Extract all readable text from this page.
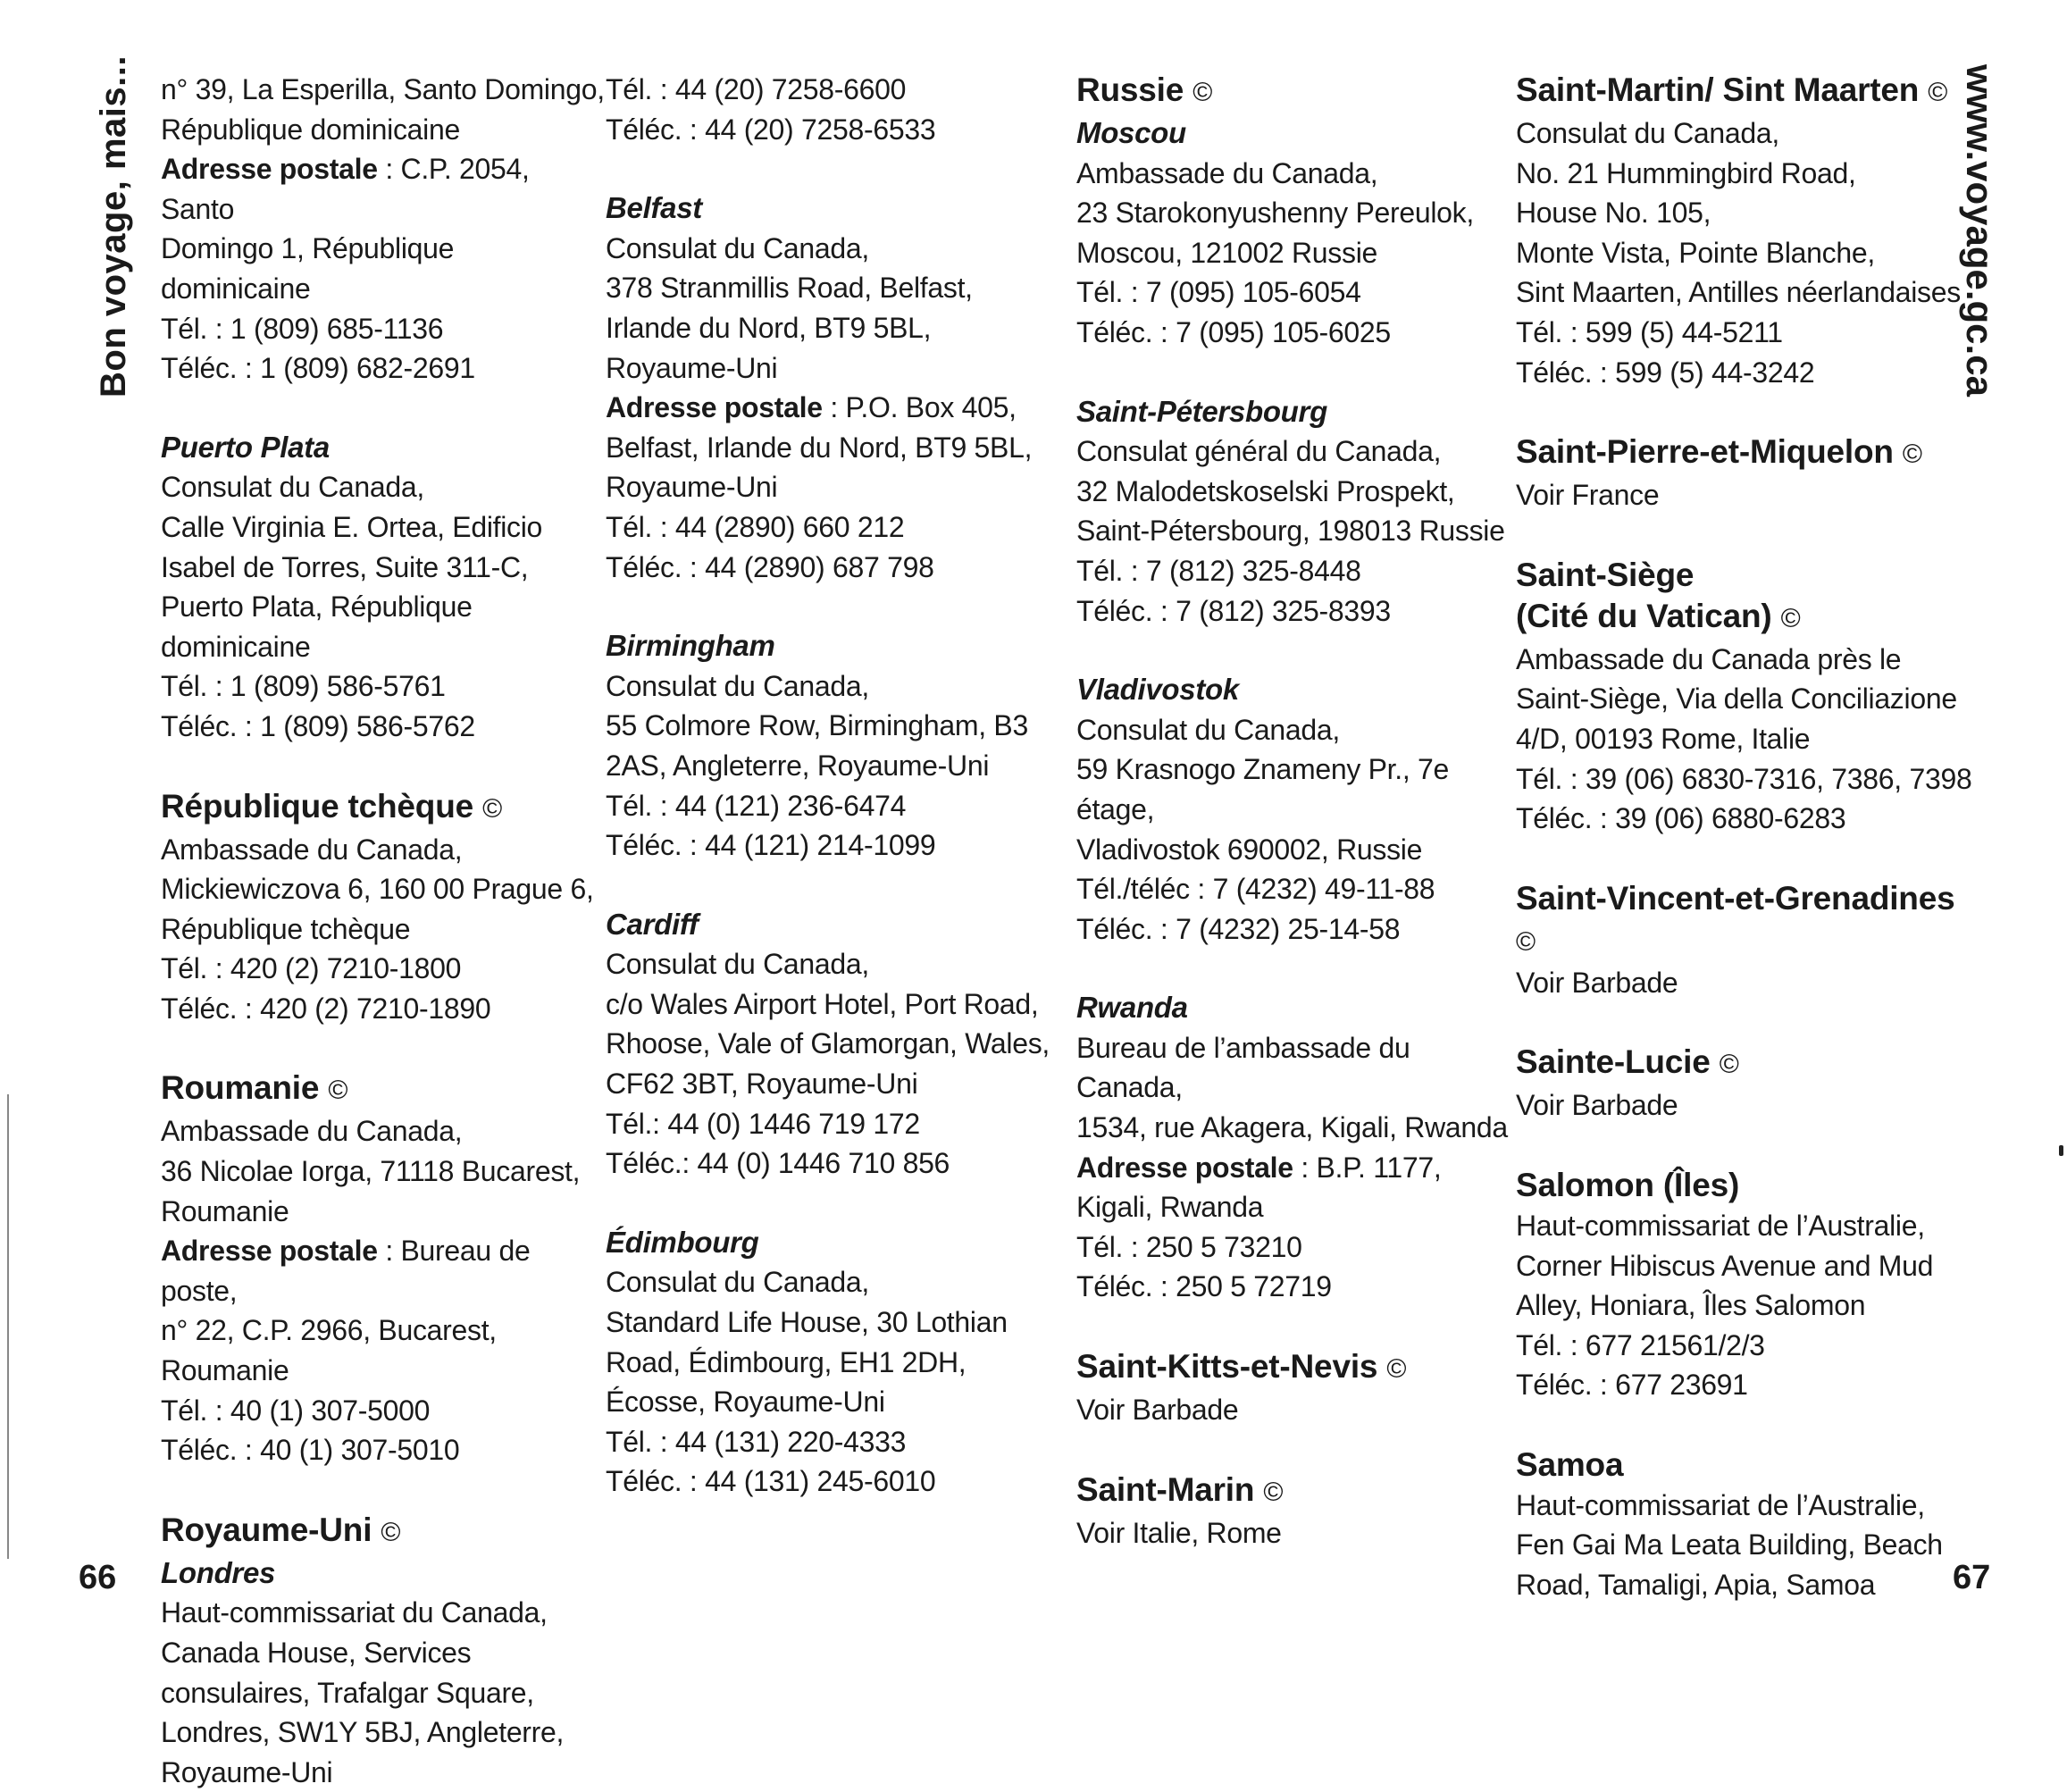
Bon voyage, mais...	www.voyage.gc.ca

n° 39, La Esperilla, Santo Domingo,

République dominicaine

Adresse postale : C.P. 2054, Santo

Domingo 1, République dominicaine

Tél. : 1 (809) 685-1136

Téléc. : 1 (809) 682-2691

Puerto Plata

Consulat du Canada,

Calle Virginia E. Ortea, Edificio

Isabel de Torres, Suite 311-C,

Puerto Plata, République dominicaine

Tél. : 1 (809) 586-5761

Téléc. : 1 (809) 586-5762

République tchèque ©

Ambassade du Canada,

Mickiewiczova 6, 160 00 Prague 6,

République tchèque

Tél. : 420 (2) 7210-1800

Téléc. : 420 (2) 7210-1890

Roumanie ©

Ambassade du Canada,

36 Nicolae Iorga, 71118 Bucarest,

Roumanie

Adresse postale : Bureau de poste,

n° 22, C.P. 2966, Bucarest, Roumanie

Tél. : 40 (1) 307-5000

Téléc. : 40 (1) 307-5010

Royaume-Uni ©

Londres

Haut-commissariat du Canada,

Canada House, Services

consulaires, Trafalgar Square,

Londres, SW1Y 5BJ, Angleterre,

Royaume-Uni

Tél. : 44 (20) 7258-6600

Téléc. : 44 (20) 7258-6533

Belfast

Consulat du Canada,

378 Stranmillis Road, Belfast,

Irlande du Nord, BT9 5BL,

Royaume-Uni

Adresse postale : P.O. Box 405,

Belfast, Irlande du Nord, BT9 5BL,

Royaume-Uni

Tél. : 44 (2890) 660 212

Téléc. : 44 (2890) 687 798

Birmingham

Consulat du Canada,

55 Colmore Row, Birmingham, B3

2AS, Angleterre, Royaume-Uni

Tél. : 44 (121) 236-6474

Téléc. : 44 (121) 214-1099

Cardiff

Consulat du Canada,

c/o Wales Airport Hotel, Port Road,

Rhoose, Vale of Glamorgan, Wales,

CF62 3BT, Royaume-Uni

Tél.: 44 (0) 1446 719 172

Téléc.: 44 (0) 1446 710 856

Édimbourg

Consulat du Canada,

Standard Life House, 30 Lothian

Road, Édimbourg, EH1 2DH,

Écosse, Royaume-Uni

Tél. : 44 (131) 220-4333

Téléc. : 44 (131) 245-6010

Russie ©

Moscou

Ambassade du Canada,

23 Starokonyushenny Pereulok,

Moscou, 121002 Russie

Tél. : 7 (095) 105-6054

Téléc. : 7 (095) 105-6025

Saint-Pétersbourg

Consulat général du Canada,

32 Malodetskoselski Prospekt,

Saint-Pétersbourg, 198013 Russie

Tél. : 7 (812) 325-8448

Téléc. : 7 (812) 325-8393

Vladivostok

Consulat du Canada,

59 Krasnogo Znameny Pr., 7e étage,

Vladivostok 690002, Russie

Tél./téléc : 7 (4232) 49-11-88

Téléc. : 7 (4232) 25-14-58

Rwanda

Bureau de l’ambassade du Canada,

1534, rue Akagera, Kigali, Rwanda

Adresse postale : B.P. 1177,

Kigali, Rwanda

Tél. : 250 5 73210

Téléc. : 250 5 72719

Saint-Kitts-et-Nevis ©

Voir Barbade

Saint-Marin ©

Voir Italie, Rome

Saint-Martin/ Sint Maarten ©

Consulat du Canada,

No. 21 Hummingbird Road,

House No. 105,

Monte Vista, Pointe Blanche,

Sint Maarten, Antilles néerlandaises

Tél. : 599 (5) 44-5211

Téléc. : 599 (5) 44-3242

Saint-Pierre-et-Miquelon ©

Voir France

Saint-Siège

(Cité du Vatican) ©

Ambassade du Canada près le

Saint-Siège, Via della Conciliazione

4/D, 00193 Rome, Italie

Tél. : 39 (06) 6830-7316, 7386, 7398

Téléc. : 39 (06) 6880-6283

Saint-Vincent-et-Grenadines ©

Voir Barbade

Sainte-Lucie ©

Voir Barbade

Salomon (Îles)

Haut-commissariat de l’Australie,

Corner Hibiscus Avenue and Mud

Alley, Honiara, Îles Salomon

Tél. : 677 21561/2/3

Téléc. : 677 23691

Samoa

Haut-commissariat de l’Australie,

Fen Gai Ma Leata Building, Beach

Road, Tamaligi, Apia, Samoa

66	67
